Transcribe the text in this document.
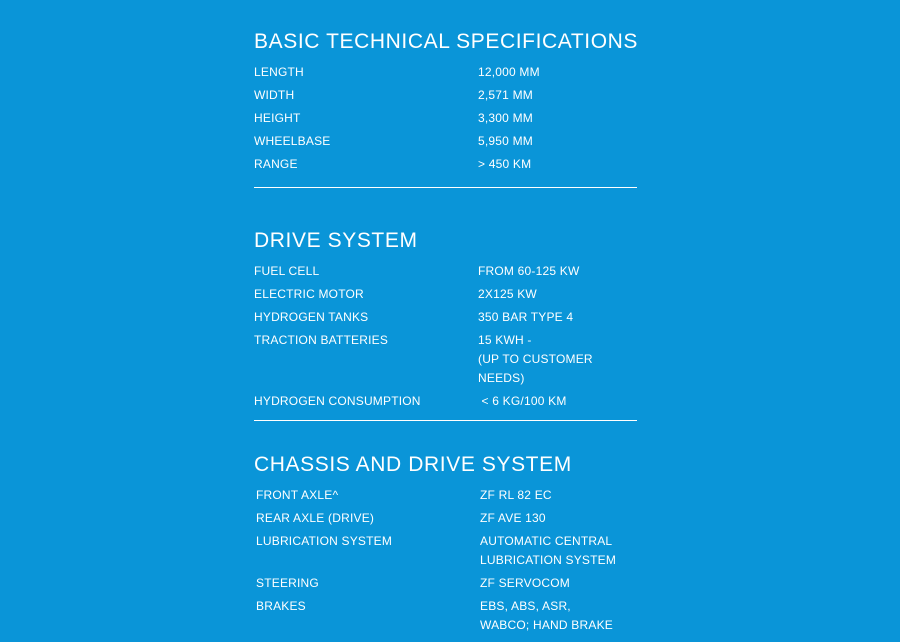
BASIC TECHNICAL SPECIFICATIONS
LENGTH	12,000 MM
WIDTH	2,571 MM
HEIGHT	3,300 MM
WHEELBASE	5,950 MM
RANGE	> 450 KM
DRIVE SYSTEM
FUEL CELL	FROM 60-125 KW
ELECTRIC MOTOR	2X125 KW
HYDROGEN TANKS	350 BAR TYPE 4
TRACTION BATTERIES	15 KWH -
(UP TO CUSTOMER NEEDS)
HYDROGEN CONSUMPTION	< 6 KG/100 KM
CHASSIS AND DRIVE SYSTEM
FRONT AXLE^	ZF RL 82 EC
REAR AXLE (DRIVE)	ZF AVE 130
LUBRICATION SYSTEM	AUTOMATIC CENTRAL
LUBRICATION SYSTEM
STEERING	ZF SERVOCOM
BRAKES	EBS, ABS, ASR,
WABCO; HAND BRAKE
